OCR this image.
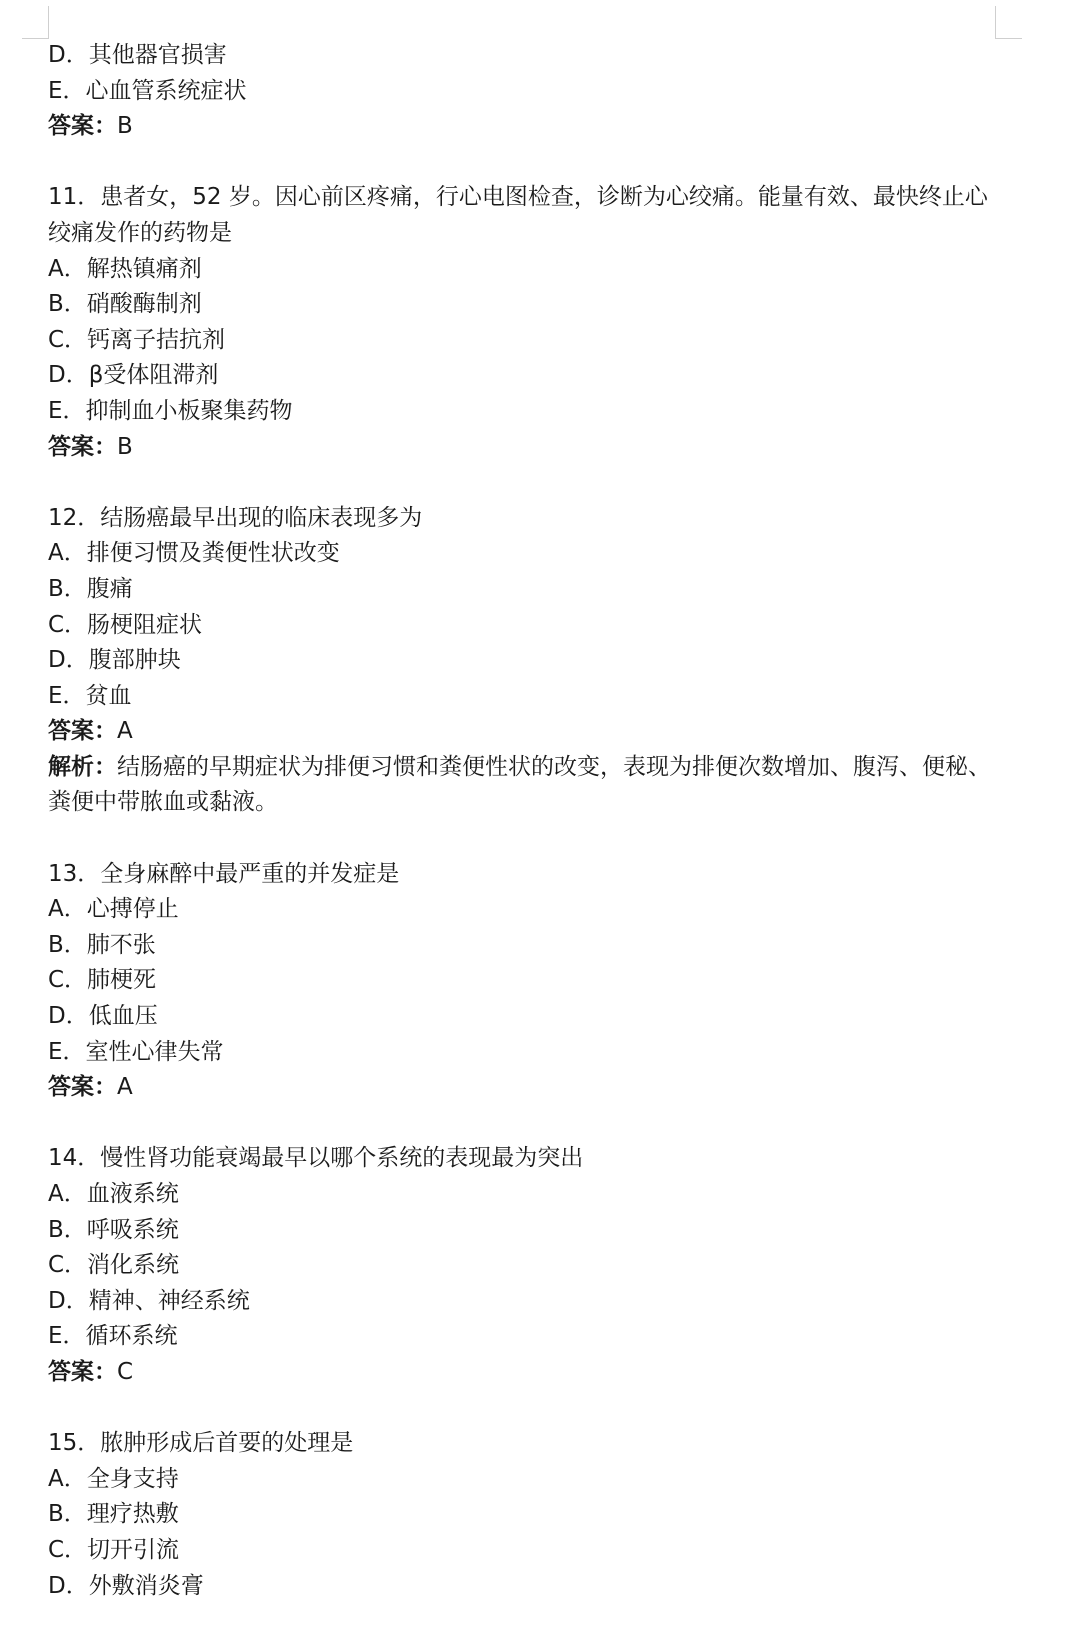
D．其他器官损害

E．心血管系统症状

答案：B

11．患者女，52 岁。因心前区疼痛，行心电图检查，诊断为心绞痛。能量有效、最快终止心绞痛发作的药物是

A．解热镇痛剂

B．硝酸酶制剂

C．钙离子拮抗剂

D．β受体阻滞剂

E．抑制血小板聚集药物

答案：B

12．结肠癌最早出现的临床表现多为

A．排便习惯及粪便性状改变

B．腹痛

C．肠梗阻症状

D．腹部肿块

E．贫血

答案：A

解析：结肠癌的早期症状为排便习惯和粪便性状的改变，表现为排便次数增加、腹泻、便秘、粪便中带脓血或黏液。

13．全身麻醉中最严重的并发症是

A．心搏停止

B．肺不张

C．肺梗死

D．低血压

E．室性心律失常

答案：A

14．慢性肾功能衰竭最早以哪个系统的表现最为突出

A．血液系统

B．呼吸系统

C．消化系统

D．精神、神经系统

E．循环系统

答案：C

15．脓肿形成后首要的处理是

A．全身支持

B．理疗热敷

C．切开引流

D．外敷消炎膏
